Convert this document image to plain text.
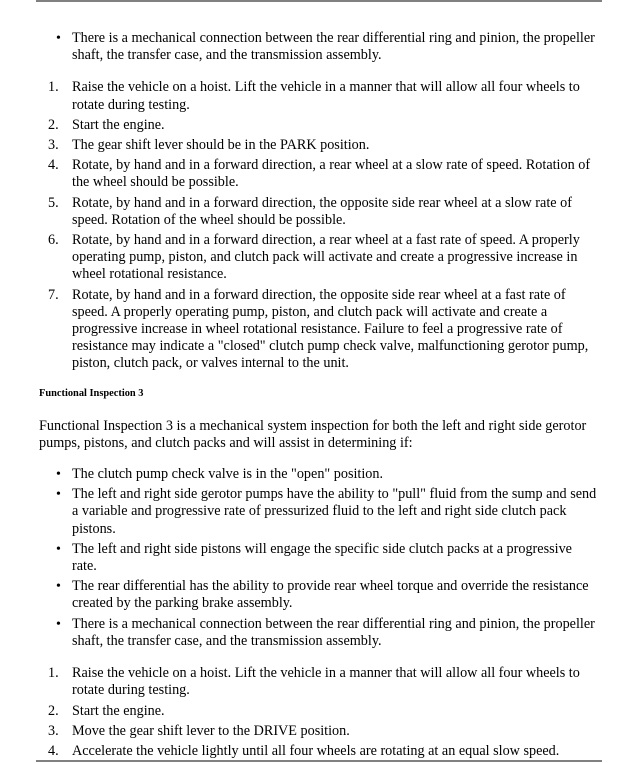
• There is a mechanical connection between the rear differential ring and pinion, the propeller shaft, the transfer case, and the transmission assembly.
1. Raise the vehicle on a hoist. Lift the vehicle in a manner that will allow all four wheels to rotate during testing.
2. Start the engine.
3. The gear shift lever should be in the PARK position.
4. Rotate, by hand and in a forward direction, a rear wheel at a slow rate of speed. Rotation of the wheel should be possible.
5. Rotate, by hand and in a forward direction, the opposite side rear wheel at a slow rate of speed. Rotation of the wheel should be possible.
6. Rotate, by hand and in a forward direction, a rear wheel at a fast rate of speed. A properly operating pump, piston, and clutch pack will activate and create a progressive increase in wheel rotational resistance.
7. Rotate, by hand and in a forward direction, the opposite side rear wheel at a fast rate of speed. A properly operating pump, piston, and clutch pack will activate and create a progressive increase in wheel rotational resistance. Failure to feel a progressive rate of resistance may indicate a "closed" clutch pump check valve, malfunctioning gerotor pump, piston, clutch pack, or valves internal to the unit.
Functional Inspection 3

Functional Inspection 3 is a mechanical system inspection for both the left and right side gerotor pumps, pistons, and clutch packs and will assist in determining if:

• The clutch pump check valve is in the "open" position.
• The left and right side gerotor pumps have the ability to "pull" fluid from the sump and send a variable and progressive rate of pressurized fluid to the left and right side clutch pack pistons.
• The left and right side pistons will engage the specific side clutch packs at a progressive rate.
• The rear differential has the ability to provide rear wheel torque and override the resistance created by the parking brake assembly.
• There is a mechanical connection between the rear differential ring and pinion, the propeller shaft, the transfer case, and the transmission assembly.
1. Raise the vehicle on a hoist. Lift the vehicle in a manner that will allow all four wheels to rotate during testing.
2. Start the engine.
3. Move the gear shift lever to the DRIVE position.
4. Accelerate the vehicle lightly until all four wheels are rotating at an equal slow speed.
